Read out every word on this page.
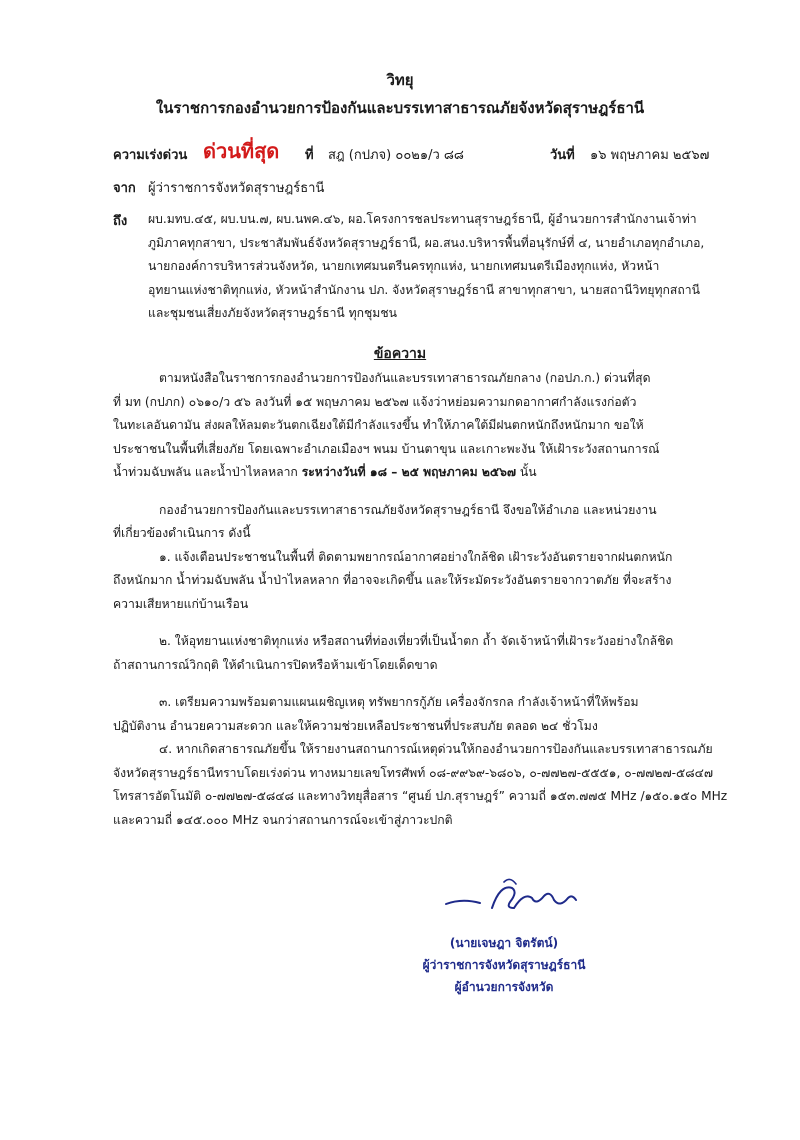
วิทยุ
ในราชการกองอำนวยการป้องกันและบรรเทาสาธารณภัยจังหวัดสุราษฎร์ธานี
ความเร่งด่วน ด่วนที่สุด ที่ สฎ (กปภจ) ๐๐๒๑/ว ๘๘	วันที่ ๑๖ พฤษภาคม ๒๕๖๗
จาก ผู้ว่าราชการจังหวัดสุราษฎร์ธานี
ถึง ผบ.มทบ.๔๕, ผบ.บน.๗, ผบ.นพค.๔๖, ผอ.โครงการชลประทานสุราษฎร์ธานี, ผู้อำนวยการสำนักงานเจ้าท่า
ภูมิภาคทุกสาขา, ประชาสัมพันธ์จังหวัดสุราษฎร์ธานี, ผอ.สนง.บริหารพื้นที่อนุรักษ์ที่ ๔, นายอำเภอทุกอำเภอ,
นายกองค์การบริหารส่วนจังหวัด, นายกเทศมนตรีนครทุกแห่ง, นายกเทศมนตรีเมืองทุกแห่ง, หัวหน้า
อุทยานแห่งชาติทุกแห่ง, หัวหน้าสำนักงาน ปภ. จังหวัดสุราษฎร์ธานี สาขาทุกสาขา, นายสถานีวิทยุทุกสถานี
และชุมชนเสี่ยงภัยจังหวัดสุราษฎร์ธานี ทุกชุมชน
ข้อความ
ตามหนังสือในราชการกองอำนวยการป้องกันและบรรเทาสาธารณภัยกลาง (กอปภ.ก.) ด่วนที่สุด
ที่ มท (กปภก) ๐๖๑๐/ว ๕๖ ลงวันที่ ๑๕ พฤษภาคม ๒๕๖๗ แจ้งว่าหย่อมความกดอากาศกำลังแรงก่อตัว
ในทะเลอันดามัน ส่งผลให้ลมตะวันตกเฉียงใต้มีกำลังแรงขึ้น ทำให้ภาคใต้มีฝนตกหนักถึงหนักมาก ขอให้
ประชาชนในพื้นที่เสี่ยงภัย โดยเฉพาะอำเภอเมืองฯ พนม บ้านตาขุน และเกาะพะงัน ให้เฝ้าระวังสถานการณ์
น้ำท่วมฉับพลัน และน้ำป่าไหลหลาก ระหว่างวันที่ ๑๘ – ๒๕ พฤษภาคม ๒๕๖๗ นั้น
กองอำนวยการป้องกันและบรรเทาสาธารณภัยจังหวัดสุราษฎร์ธานี จึงขอให้อำเภอ และหน่วยงาน
ที่เกี่ยวข้องดำเนินการ ดังนี้
๑. แจ้งเตือนประชาชนในพื้นที่ ติดตามพยากรณ์อากาศอย่างใกล้ชิด เฝ้าระวังอันตรายจากฝนตกหนัก
ถึงหนักมาก น้ำท่วมฉับพลัน น้ำป่าไหลหลาก ที่อาจจะเกิดขึ้น และให้ระมัดระวังอันตรายจากวาตภัย ที่จะสร้าง
ความเสียหายแก่บ้านเรือน
๒. ให้อุทยานแห่งชาติทุกแห่ง หรือสถานที่ท่องเที่ยวที่เป็นน้ำตก ถ้ำ จัดเจ้าหน้าที่เฝ้าระวังอย่างใกล้ชิด
ถ้าสถานการณ์วิกฤติ ให้ดำเนินการปิดหรือห้ามเข้าโดยเด็ดขาด
๓. เตรียมความพร้อมตามแผนเผชิญเหตุ ทรัพยากรกู้ภัย เครื่องจักรกล กำลังเจ้าหน้าที่ให้พร้อม
ปฏิบัติงาน อำนวยความสะดวก และให้ความช่วยเหลือประชาชนที่ประสบภัย ตลอด ๒๔ ชั่วโมง
๔. หากเกิดสาธารณภัยขึ้น ให้รายงานสถานการณ์เหตุด่วนให้กองอำนวยการป้องกันและบรรเทาสาธารณภัย
จังหวัดสุราษฎร์ธานีทราบโดยเร่งด่วน ทางหมายเลขโทรศัพท์ ๐๘-๙๙๖๙-๖๘๐๖, ๐-๗๗๒๗-๕๕๕๑, ๐-๗๗๒๗-๕๘๔๗
โทรสารอัตโนมัติ ๐-๗๗๒๗-๕๘๔๘ และทางวิทยุสื่อสาร “ศูนย์ ปภ.สุราษฎร์” ความถี่ ๑๕๓.๗๗๕ MHz /๑๕๐.๑๕๐ MHz
และความถี่ ๑๔๕.๐๐๐ MHz จนกว่าสถานการณ์จะเข้าสู่ภาวะปกติ
(นายเจษฎา จิตรัตน์)
ผู้ว่าราชการจังหวัดสุราษฎร์ธานี
ผู้อำนวยการจังหวัด
